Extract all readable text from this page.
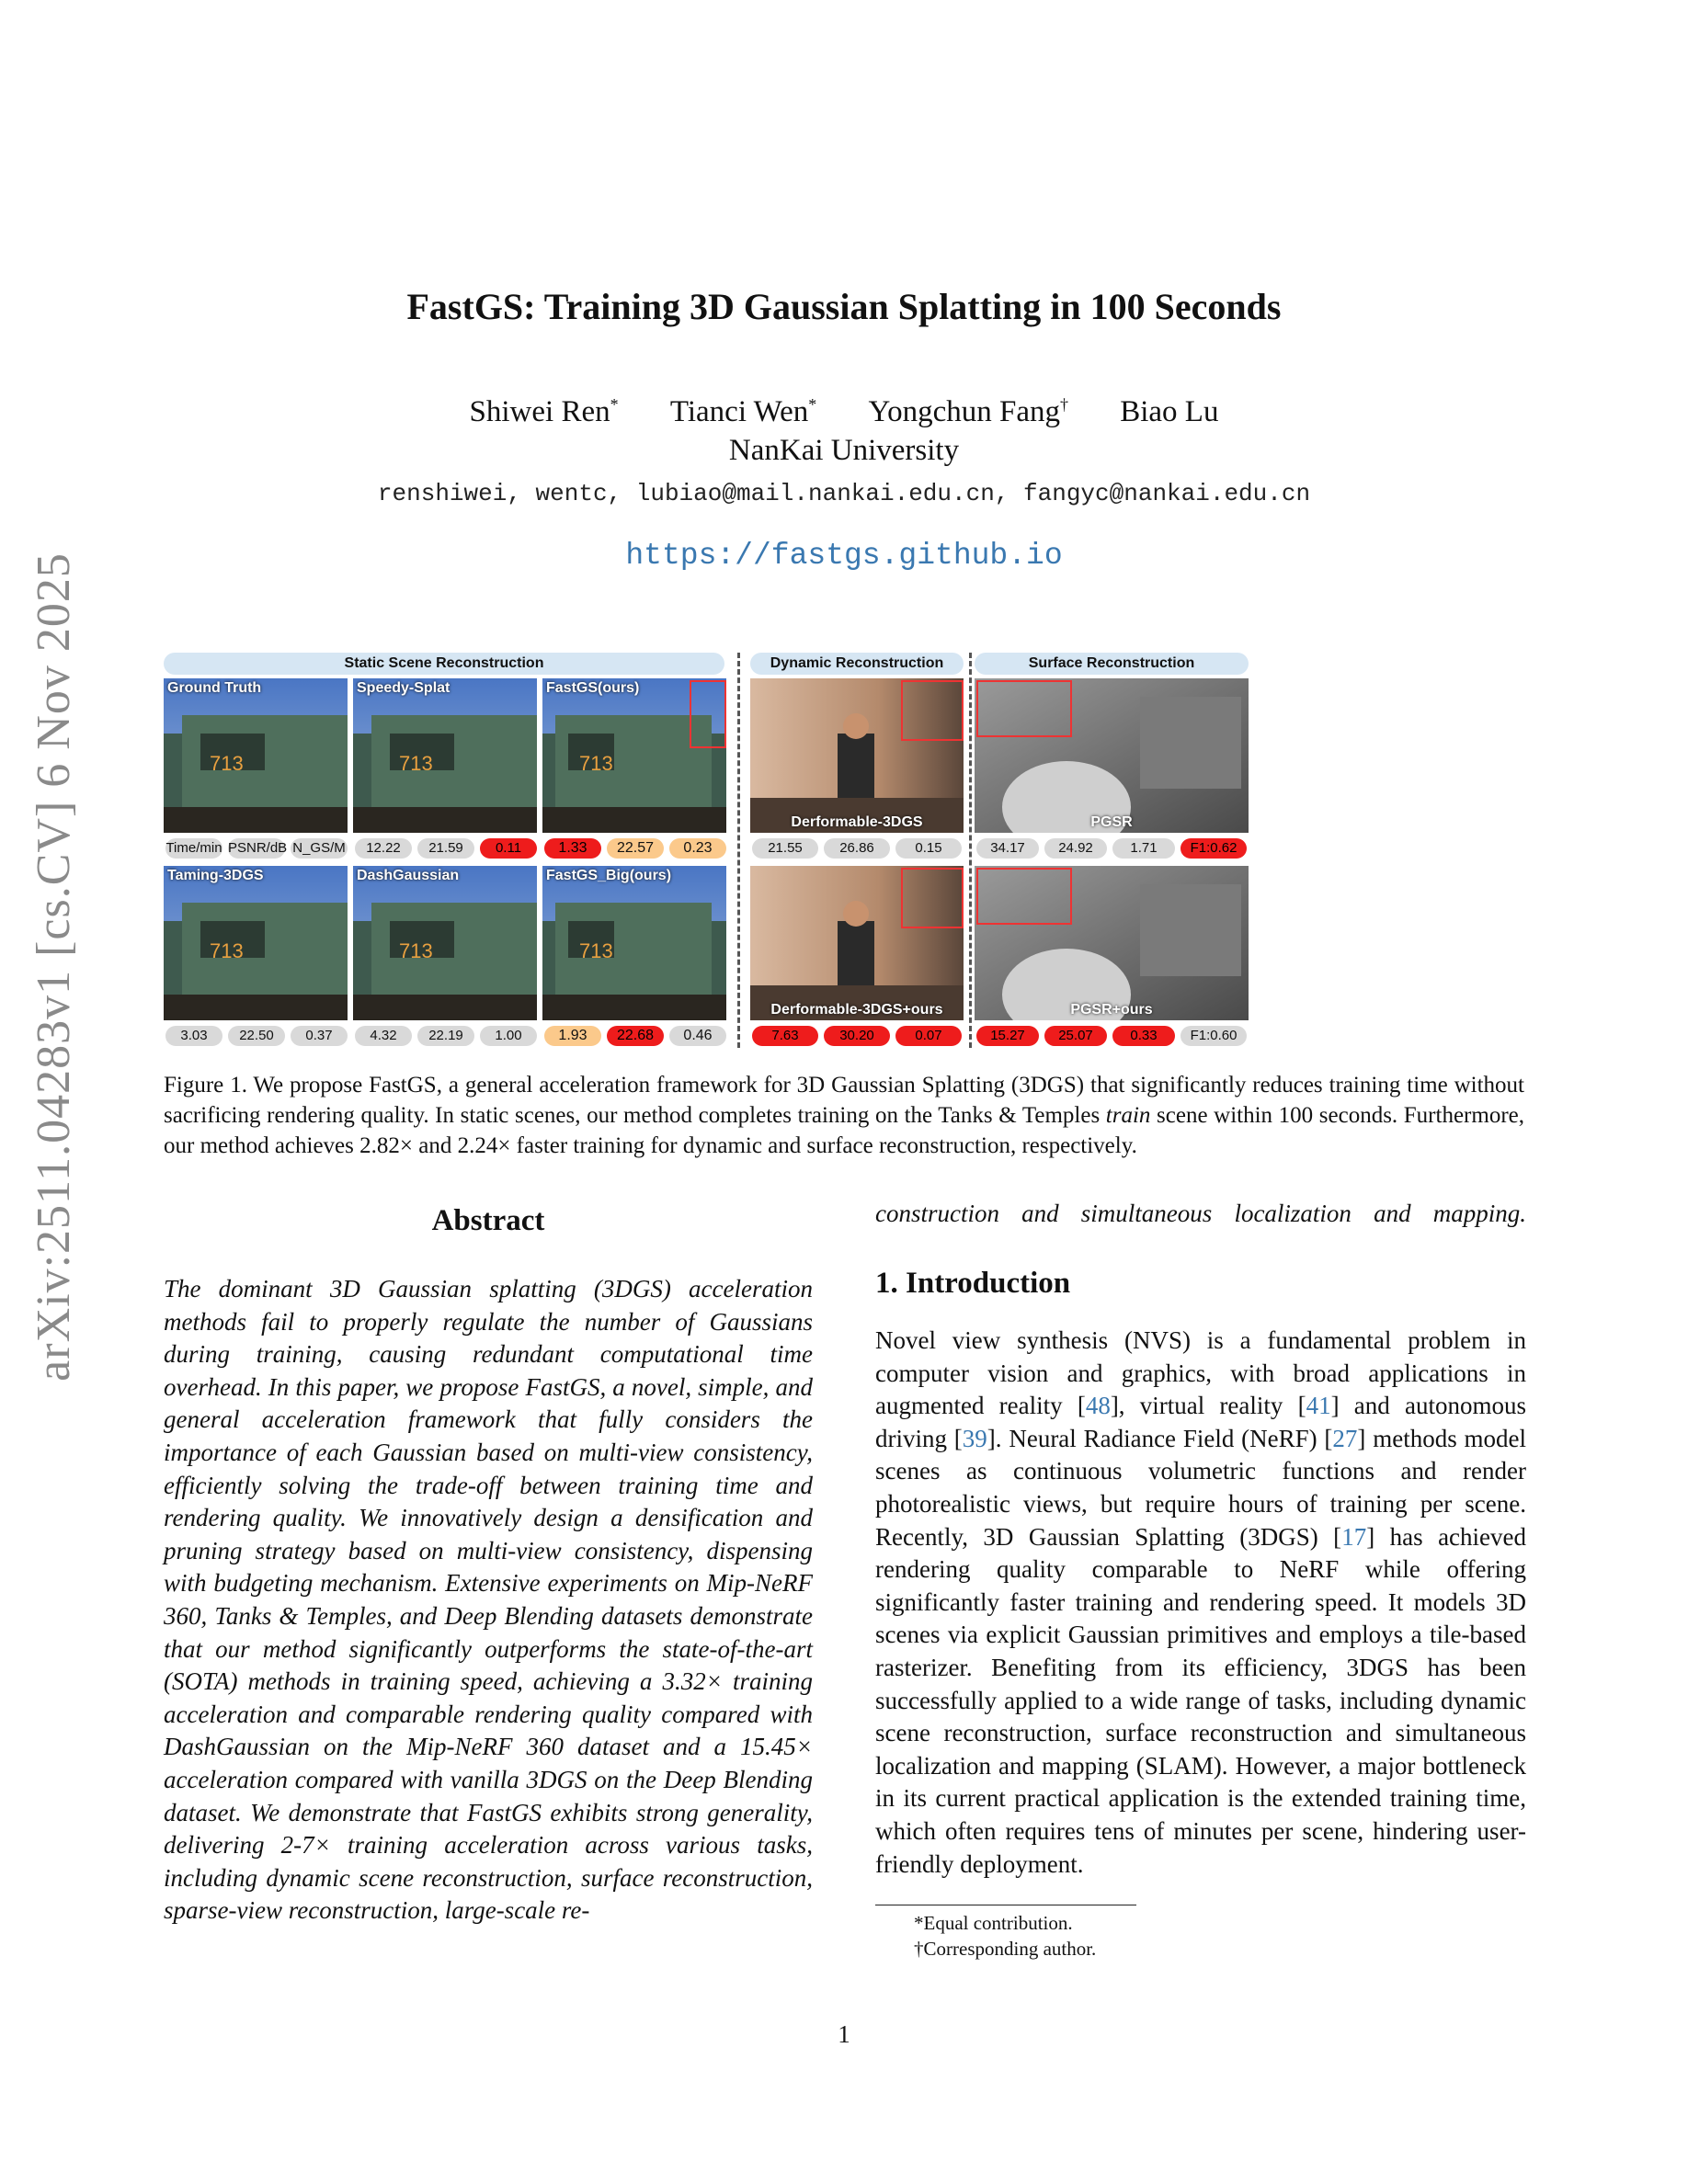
arXiv:2511.04283v1 [cs.CV] 6 Nov 2025
FastGS: Training 3D Gaussian Splatting in 100 Seconds
Shiwei Ren* Tianci Wen* Yongchun Fang† Biao Lu
NanKai University
renshiwei, wentc, lubiao@mail.nankai.edu.cn, fangyc@nankai.edu.cn
https://fastgs.github.io
Static Scene Reconstruction	Dynamic Reconstruction	Surface Reconstruction
713
Ground Truth
713
Speedy-Splat
Derformable-3DGS	PGSR
713
Taming-3DGS
713
DashGaussian
Derformable-3DGS+ours	PGSR+ours
Time/min PSNR/dB N_GS/M	12.22	21.59	0.11
3.03	22.50	0.37	4.32	22.19	1.00
21.55	26.86	0.15
7.63	30.20	0.07
34.17	24.92	1.71	F1:0.62
15.27	25.07	0.33	F1:0.60
713
FastGS(ours)
713
FastGS_Big(ours)
1.33	22.57	0.23
1.93	22.68	0.46
Figure 1. We propose FastGS, a general acceleration framework for 3D Gaussian Splatting (3DGS) that significantly reduces training time without sacrificing rendering quality. In static scenes, our method completes training on the Tanks & Temples train scene within 100 seconds. Furthermore, our method achieves 2.82× and 2.24× faster training for dynamic and surface reconstruction, respectively.
Abstract
The dominant 3D Gaussian splatting (3DGS) acceleration methods fail to properly regulate the number of Gaussians during training, causing redundant computational time overhead. In this paper, we propose FastGS, a novel, simple, and general acceleration framework that fully considers the importance of each Gaussian based on multi-view consistency, efficiently solving the trade-off between training time and rendering quality. We innovatively design a densification and pruning strategy based on multi-view consistency, dispensing with budgeting mechanism. Extensive experiments on Mip-NeRF 360, Tanks & Temples, and Deep Blending datasets demonstrate that our method significantly outperforms the state-of-the-art (SOTA) methods in training speed, achieving a 3.32× training acceleration and comparable rendering quality compared with DashGaussian on the Mip-NeRF 360 dataset and a 15.45× acceleration compared with vanilla 3DGS on the Deep Blending dataset. We demonstrate that FastGS exhibits strong generality, delivering 2-7× training acceleration across various tasks, including dynamic scene reconstruction, surface reconstruction, sparse-view reconstruction, large-scale re-
construction and simultaneous localization and mapping.
1. Introduction
Novel view synthesis (NVS) is a fundamental problem in computer vision and graphics, with broad applications in augmented reality [48], virtual reality [41] and autonomous driving [39]. Neural Radiance Field (NeRF) [27] methods model scenes as continuous volumetric functions and render photorealistic views, but require hours of training per scene. Recently, 3D Gaussian Splatting (3DGS) [17] has achieved rendering quality comparable to NeRF while offering significantly faster training and rendering speed. It models 3D scenes via explicit Gaussian primitives and employs a tile-based rasterizer. Benefiting from its efficiency, 3DGS has been successfully applied to a wide range of tasks, including dynamic scene reconstruction, surface reconstruction and simultaneous localization and mapping (SLAM). However, a major bottleneck in its current practical application is the extended training time, which often requires tens of minutes per scene, hindering user-friendly deployment.
*Equal contribution.
†Corresponding author.
1
